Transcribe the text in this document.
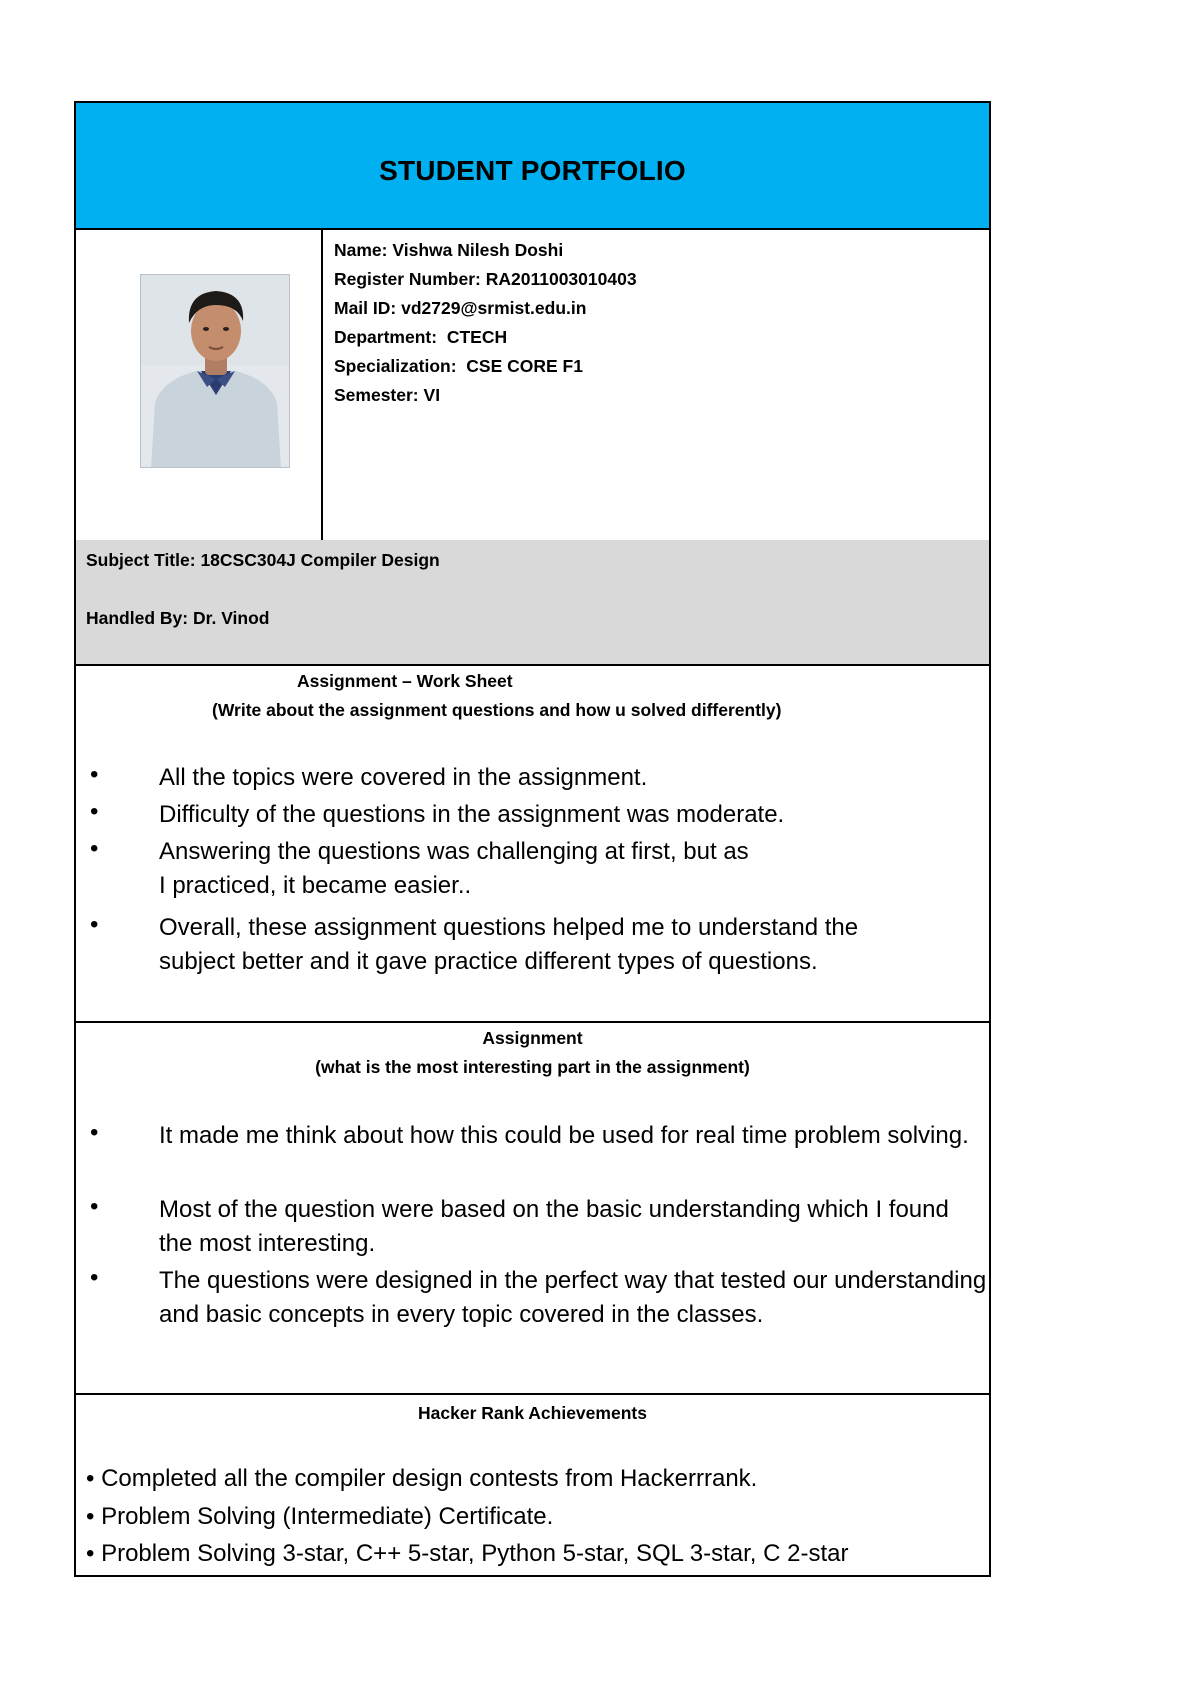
STUDENT PORTFOLIO
Name: Vishwa Nilesh Doshi
Register Number: RA2011003010403
Mail ID: vd2729@srmist.edu.in
Department: CTECH
Specialization: CSE CORE F1
Semester: VI
Subject Title: 18CSC304J Compiler Design
Handled By: Dr. Vinod
Assignment – Work Sheet
(Write about the assignment questions and how u solved differently)
•	All the topics were covered in the assignment.
•	Difficulty of the questions in the assignment was moderate.
•	Answering the questions was challenging at first, but as I practiced, it became easier..
•	Overall, these assignment questions helped me to understand the subject better and it gave practice different types of questions.
Assignment
(what is the most interesting part in the assignment)
•	It made me think about how this could be used for real time problem solving.
•	Most of the question were based on the basic understanding which I found the most interesting.
•	The questions were designed in the perfect way that tested our understanding and basic concepts in every topic covered in the classes.
Hacker Rank Achievements
• Completed all the compiler design contests from Hackerrrank.
• Problem Solving (Intermediate) Certificate.
• Problem Solving 3-star, C++ 5-star, Python 5-star, SQL 3-star, C 2-star
